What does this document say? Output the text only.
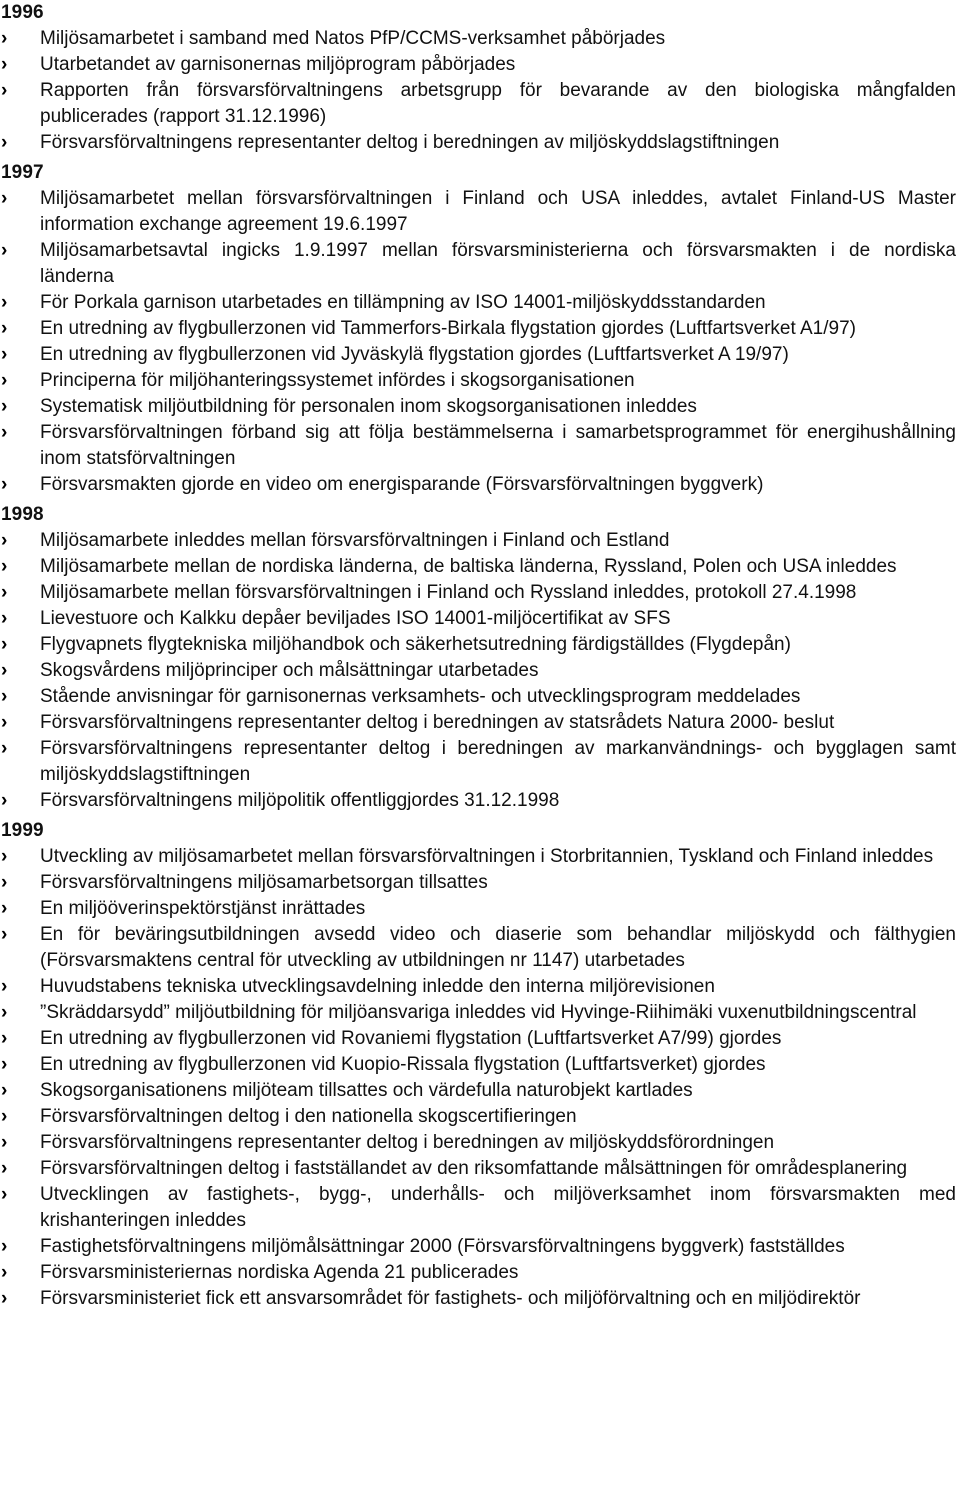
1996
›	Miljösamarbetet i samband med Natos PfP/CCMS-verksamhet påbörjades
›	Utarbetandet av garnisonernas miljöprogram påbörjades
›	Rapporten från försvarsförvaltningens arbetsgrupp för bevarande av den biologiska mångfalden publicerades (rapport 31.12.1996)
›	Försvarsförvaltningens representanter deltog i beredningen av miljöskyddslagstiftningen
1997
›	Miljösamarbetet mellan försvarsförvaltningen i Finland och USA inleddes, avtalet Finland-US Master information exchange agreement 19.6.1997
›	Miljösamarbetsavtal ingicks 1.9.1997 mellan försvarsministerierna och försvarsmakten i de nordiska länderna
›	För Porkala garnison utarbetades en tillämpning av ISO 14001-miljöskyddsstandarden
›	En utredning av flygbullerzonen vid Tammerfors-Birkala flygstation gjordes (Luftfartsverket A1/97)
›	En utredning av flygbullerzonen vid Jyväskylä flygstation gjordes (Luftfartsverket A 19/97)
›	Principerna för miljöhanteringssystemet infördes i skogsorganisationen
›	Systematisk miljöutbildning för personalen inom skogsorganisationen inleddes
›	Försvarsförvaltningen förband sig att följa bestämmelserna i samarbetsprogrammet för energihushållning inom statsförvaltningen
›	Försvarsmakten gjorde en video om energisparande (Försvarsförvaltningen byggverk)
1998
›	Miljösamarbete inleddes mellan försvarsförvaltningen i Finland och Estland
›	Miljösamarbete mellan de nordiska länderna, de baltiska länderna, Ryssland, Polen och USA inleddes
›	Miljösamarbete mellan försvarsförvaltningen i Finland och Ryssland inleddes, protokoll 27.4.1998
›	Lievestuore och Kalkku depåer beviljades ISO 14001-miljöcertifikat av SFS
›	Flygvapnets flygtekniska miljöhandbok och säkerhetsutredning färdigställdes (Flygdepån)
›	Skogsvårdens miljöprinciper och målsättningar utarbetades
›	Stående anvisningar för garnisonernas verksamhets- och utvecklingsprogram meddelades
›	Försvarsförvaltningens representanter deltog i beredningen av statsrådets Natura 2000- beslut
›	Försvarsförvaltningens representanter deltog i beredningen av markanvändnings- och bygglagen samt miljöskyddslagstiftningen
›	Försvarsförvaltningens miljöpolitik offentliggjordes 31.12.1998
1999
›	Utveckling av miljösamarbetet mellan försvarsförvaltningen i Storbritannien, Tyskland och Finland inleddes
›	Försvarsförvaltningens miljösamarbetsorgan tillsattes
›	En miljööverinspektörstjänst inrättades
›	En för beväringsutbildningen avsedd video och diaserie som behandlar miljöskydd och fälthygien (Försvarsmaktens central för utveckling av utbildningen nr 1147) utarbetades
›	Huvudstabens tekniska utvecklingsavdelning inledde den interna miljörevisionen
›	”Skräddarsydd” miljöutbildning för miljöansvariga inleddes vid Hyvinge-Riihimäki vuxenutbildningscentral
›	En utredning av flygbullerzonen vid Rovaniemi flygstation (Luftfartsverket A7/99) gjordes
›	En utredning av flygbullerzonen vid Kuopio-Rissala flygstation (Luftfartsverket) gjordes
›	Skogsorganisationens miljöteam tillsattes och värdefulla naturobjekt kartlades
›	Försvarsförvaltningen deltog i den nationella skogscertifieringen
›	Försvarsförvaltningens representanter deltog i beredningen av miljöskyddsförordningen
›	Försvarsförvaltningen deltog i fastställandet av den riksomfattande målsättningen för områdesplanering
›	Utvecklingen av fastighets-, bygg-, underhålls- och miljöverksamhet inom försvarsmakten med krishanteringen inleddes
›	Fastighetsförvaltningens miljömålsättningar 2000 (Försvarsförvaltningens byggverk) fastställdes
›	Försvarsministeriernas nordiska Agenda 21 publicerades
›	Försvarsministeriet fick ett ansvarsområdet för fastighets- och miljöförvaltning och en miljödirektör
